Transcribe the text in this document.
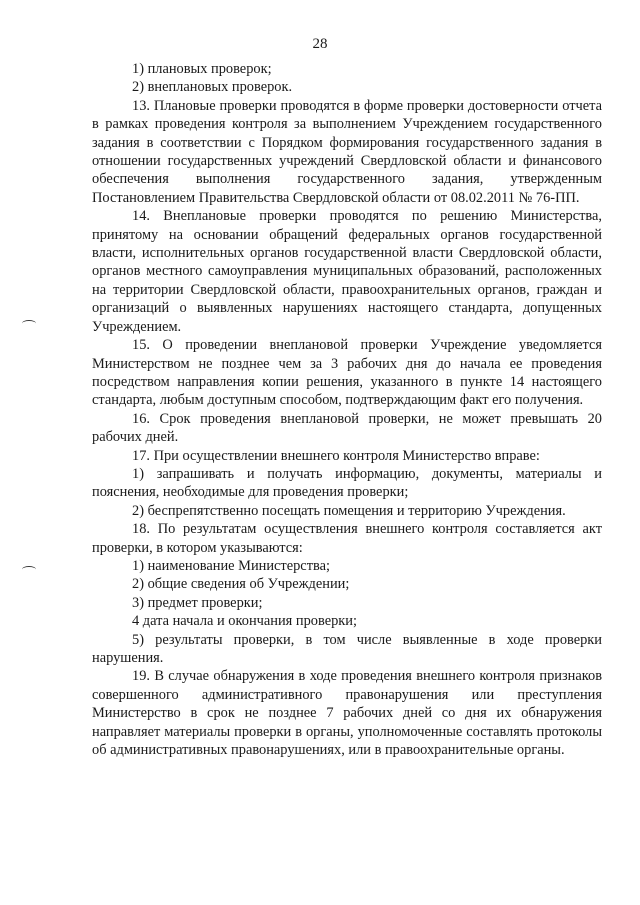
28

1) плановых проверок;

2) внеплановых проверок.

13. Плановые проверки проводятся в форме проверки достоверности отчета в рамках проведения контроля за выполнением Учреждением государственного задания в соответствии с Порядком формирования государственного задания в отношении государственных учреждений Свердловской области и финансового обеспечения выполнения государственного задания, утвержденным Постановлением Правительства Свердловской области от 08.02.2011 № 76-ПП.

14. Внеплановые проверки проводятся по решению Министерства, принятому на основании обращений федеральных органов государственной власти, исполнительных органов государственной власти Свердловской области, органов местного самоуправления муниципальных образований, расположенных на территории Свердловской области, правоохранительных органов, граждан и организаций о выявленных нарушениях настоящего стандарта, допущенных Учреждением.

15. О проведении внеплановой проверки Учреждение уведомляется Министерством не позднее чем за 3 рабочих дня до начала ее проведения посредством направления копии решения, указанного в пункте 14 настоящего стандарта, любым доступным способом, подтверждающим факт его получения.

16. Срок проведения внеплановой проверки, не может превышать 20 рабочих дней.

17. При осуществлении внешнего контроля Министерство вправе:

1) запрашивать и получать информацию, документы, материалы и пояснения, необходимые для проведения проверки;

2) беспрепятственно посещать помещения и территорию Учреждения.

18. По результатам осуществления внешнего контроля составляется акт проверки, в котором указываются:

1) наименование Министерства;

2) общие сведения об Учреждении;

3) предмет проверки;

4 дата начала и окончания проверки;

5) результаты проверки, в том числе выявленные в ходе проверки нарушения.

19. В случае обнаружения в ходе проведения внешнего контроля признаков совершенного административного правонарушения или преступления Министерство в срок не позднее 7 рабочих дней со дня их обнаружения направляет материалы проверки в органы, уполномоченные составлять протоколы об административных правонарушениях, или в правоохранительные органы.
